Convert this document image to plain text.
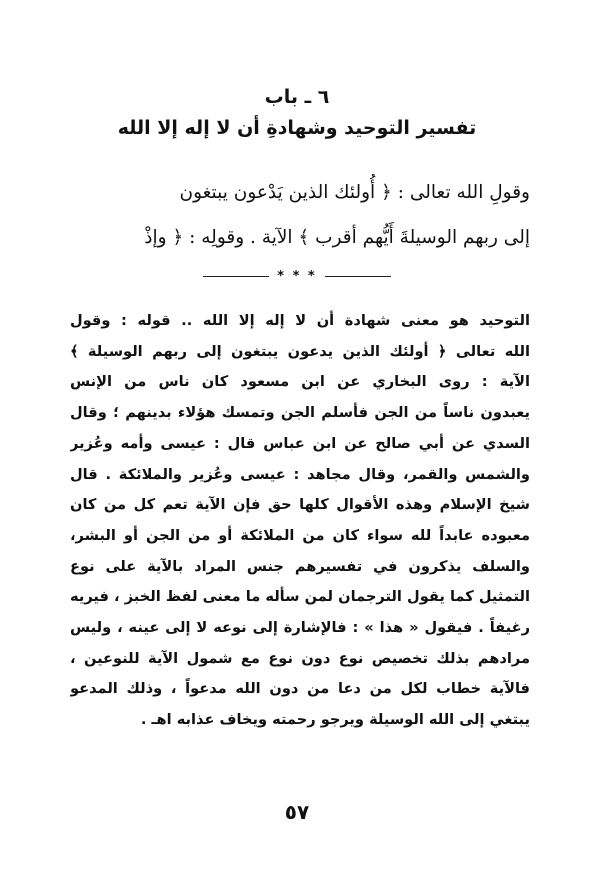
٦ ـ باب
تفسير التوحيد وشهادةِ أن لا إله إلا الله

وقولِ الله تعالى : ﴿ أُولئك الذين يَدْعون يبتغون

إلى ربهم الوسيلةَ أَيُّهم أقرب ﴾ الآية . وقولِه : ﴿ وإذْ

* * *

التوحيد هو معنى شهادة أن لا إله إلا الله .. قوله : وقول

الله تعالى ﴿ أولئك الذين يدعون يبتغون إلى ربهم الوسيلة ﴾

الآية : روى البخاري عن ابن مسعود كان ناس من الإنس

يعبدون ناساً من الجن فأسلم الجن وتمسك هؤلاء بدينهم ؛ وقال

السدي عن أبي صالح عن ابن عباس قال : عيسى وأمه وعُزير

والشمس والقمر، وقال مجاهد : عيسى وعُزير والملائكة . قال

شيخ الإسلام وهذه الأقوال كلها حق فإن الآية تعم كل من كان

معبوده عابداً لله سواء كان من الملائكة أو من الجن أو البشر،

والسلف يذكرون في تفسيرهم جنس المراد بالآية على نوع

التمثيل كما يقول الترجمان لمن سأله ما معنى لفظ الخبز ، فيريه

رغيفاً . فيقول « هذا » : فالإشارة إلى نوعه لا إلى عينه ، وليس

مرادهم بذلك تخصيص نوع دون نوع مع شمول الآية للنوعين ،

فالآية خطاب لكل من دعا من دون الله مدعواً ، وذلك المدعو

يبتغي إلى الله الوسيلة ويرجو رحمته ويخاف عذابه اهـ .

٥٧
